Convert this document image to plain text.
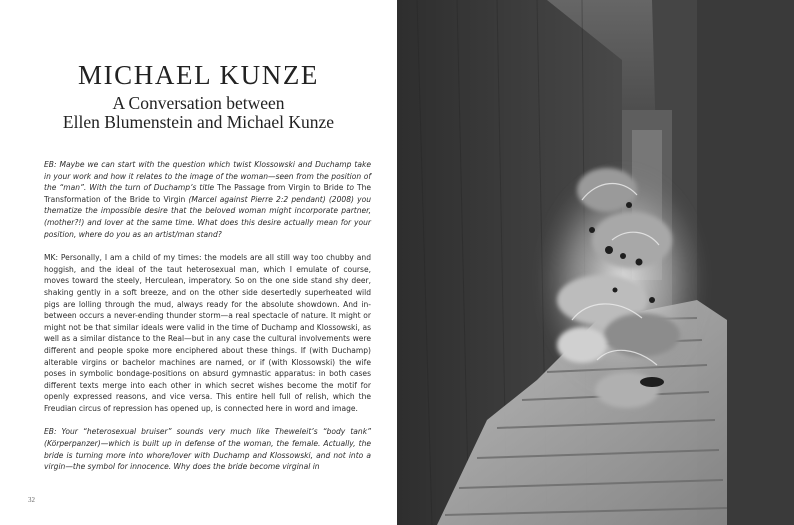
MICHAEL KUNZE
A Conversation between
Ellen Blumenstein and Michael Kunze

EB: Maybe we can start with the question which twist Klossowski and Duchamp take in your work and how it relates to the image of the woman—seen from the position of the “man”. With the turn of Duchamp’s title The Passage from Virgin to Bride to The Transformation of the Bride to Virgin (Marcel against Pierre 2:2 pendant) (2008) you thematize the impossible desire that the beloved woman might incorporate partner, (mother?!) and lover at the same time. What does this desire actually mean for your position, where do you as an artist/man stand?

MK: Personally, I am a child of my times: the models are all still way too chubby and hoggish, and the ideal of the taut heterosexual man, which I emulate of course, moves toward the steely, Herculean, imperatory. So on the one side stand shy deer, shaking gently in a soft breeze, and on the other side desertedly superheated wild pigs are lolling through the mud, always ready for the absolute showdown. And in-between occurs a never-ending thunder storm—a real spectacle of nature. It might or might not be that similar ideals were valid in the time of Duchamp and Klossowski, as well as a similar distance to the Real—but in any case the cultural involvements were different and people spoke more enciphered about these things. If (with Duchamp) alterable virgins or bachelor machines are named, or if (with Klossowski) the wife poses in symbolic bondage-positions on absurd gymnastic apparatus: in both cases different texts merge into each other in which secret wishes become the motif for openly expressed reasons, and vice versa. This entire hell full of relish, which the Freudian circus of repression has opened up, is connected here in word and image.

EB: Your “heterosexual bruiser” sounds very much like Theweleit’s “body tank” (Körperpanzer)—which is built up in defense of the woman, the female. Actually, the bride is turning more into whore/lover with Duchamp and Klossowski, and not into a virgin—the symbol for innocence. Why does the bride become virginal in

32
